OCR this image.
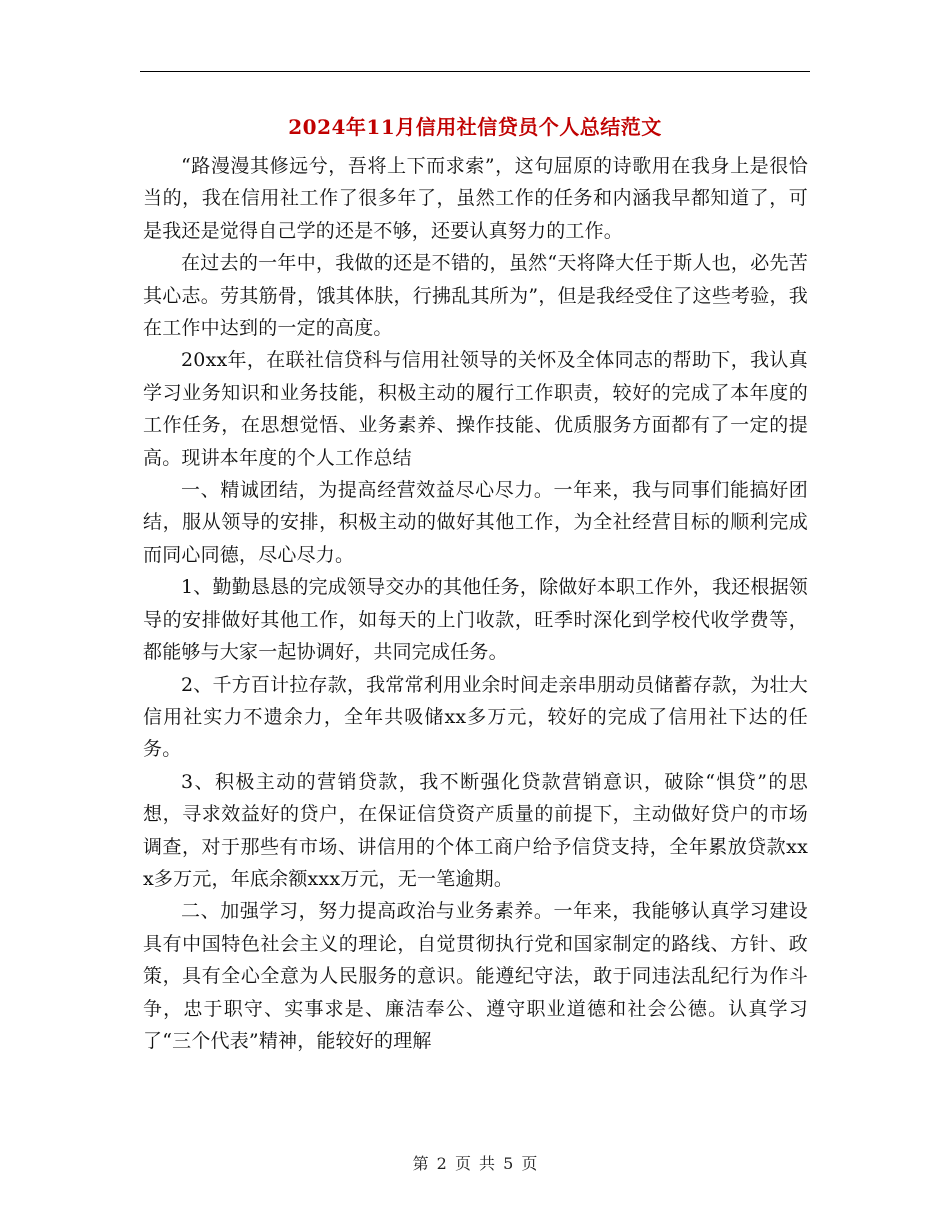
2024年11月信用社信贷员个人总结范文

“路漫漫其修远兮，吾将上下而求索”，这句屈原的诗歌用在我身上是很恰当的，我在信用社工作了很多年了，虽然工作的任务和内涵我早都知道了，可是我还是觉得自己学的还是不够，还要认真努力的工作。

在过去的一年中，我做的还是不错的，虽然“天将降大任于斯人也，必先苦其心志。劳其筋骨，饿其体肤，行拂乱其所为”，但是我经受住了这些考验，我在工作中达到的一定的高度。

20xx年，在联社信贷科与信用社领导的关怀及全体同志的帮助下，我认真学习业务知识和业务技能，积极主动的履行工作职责，较好的完成了本年度的工作任务，在思想觉悟、业务素养、操作技能、优质服务方面都有了一定的提高。现讲本年度的个人工作总结

一、精诚团结，为提高经营效益尽心尽力。一年来，我与同事们能搞好团结，服从领导的安排，积极主动的做好其他工作，为全社经营目标的顺利完成而同心同德，尽心尽力。

1、勤勤恳恳的完成领导交办的其他任务，除做好本职工作外，我还根据领导的安排做好其他工作，如每天的上门收款，旺季时深化到学校代收学费等，都能够与大家一起协调好，共同完成任务。

2、千方百计拉存款，我常常利用业余时间走亲串朋动员储蓄存款，为壮大信用社实力不遗余力，全年共吸储xx多万元，较好的完成了信用社下达的任务。

3、积极主动的营销贷款，我不断强化贷款营销意识，破除“惧贷”的思想，寻求效益好的贷户，在保证信贷资产质量的前提下，主动做好贷户的市场调查，对于那些有市场、讲信用的个体工商户给予信贷支持，全年累放贷款xxx多万元，年底余额xxx万元，无一笔逾期。

二、加强学习，努力提高政治与业务素养。一年来，我能够认真学习建设具有中国特色社会主义的理论，自觉贯彻执行党和国家制定的路线、方针、政策，具有全心全意为人民服务的意识。能遵纪守法，敢于同违法乱纪行为作斗争，忠于职守、实事求是、廉洁奉公、遵守职业道德和社会公德。认真学习了“三个代表”精神，能较好的理解

第 2 页 共 5 页
